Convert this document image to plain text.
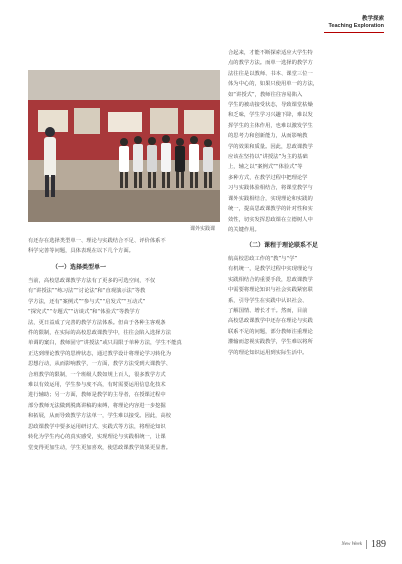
教学探索
Teaching Exploration
课外实践课
有还存在选择类型单一、理论与实践结合不足、评价体系不
科学完善等问题，具体表现在以下几个方面。
（一）选择类型单一
当前，高校思政课教学方法有了更多的可选空间，不仅
有“讲授法”“练习法”“讨论法”和“直观演示法”等教
学方法，还有“案例式”“参与式”“启发式”“互动式”
“探究式”“专题式”“访谈式”和“体验式”等教学方
法，更日益成了完善的教学方法体系。但由于各种主客观条
件的限制，在实际的高校思政课教学中，往往会陷入选择方法
单调的窠臼，教师固守“讲授法”或只局限于单种方法，学生不能真
正达到理论教学的思辨状态，通过教学设计将理论学习转化为
思想行动，从而影响教学，一方面，教学方法受到大课教学、
合班教学的限制，一个班级人数如规上百人，很多教学方式
难以有效运用，学生参与度不高，有时需要运用信息化技术
进行辅助；另一方面，教师是教学的主导者，在授课过程中
部分教师无法做到脱离讲稿的束缚，将理论内容进一步挖掘
和拓展，从而导致教学方法单一，学生难以接受。因此，高校
思政课教学中要多运用研讨式、实践式等方法，将理论知识
转化为学生内心的真实感受，实现理论与实践相统一，让课
堂变得更加生动，学生更加喜欢，使思政课教学效果更显著。
合起来，才能不断探索适应大学生特
点的教学方法。而单一选择的教学方
法往往是以教师、书本、课堂三位一
体为中心的，如果只使用单一的方法，
如“讲授式”，教师往往容易陷入
学生的被动接受状态，导致课堂枯燥
和乏味，学生学习兴趣下降，难以发
挥学生的主体作用，也难以激发学生
的思考力和创新能力，从而影响教
学的效果和质量。因此，思政课教学
应该在坚持以“讲授法”为主的基础
上，辅之以“案例式”“体验式”等
多种方式，在教学过程中把理论学
习与实践体验相结合，将课堂教学与
课外实践相结合，实现理论和实践的
统一，提高思政课教学的针对性和实
效性，切实发挥思政课在立德树人中
的关键作用。
（二）课程于理论联系不足
航高校思政工作的“教”与“学”
有机统一，是教学过程中实现理论与
实践相结合的重要手段，思政课教学
中需要将理论知识与社会实践紧密联
系，引导学生在实践中认识社会、
了解国情、增长才干。然而，目前
高校思政课教学中还存在理论与实践
联系不足的问题，部分教师注重理论
灌输而忽视实践教学，学生难以将所
学的理论知识运用到实际生活中。
New Week 189
